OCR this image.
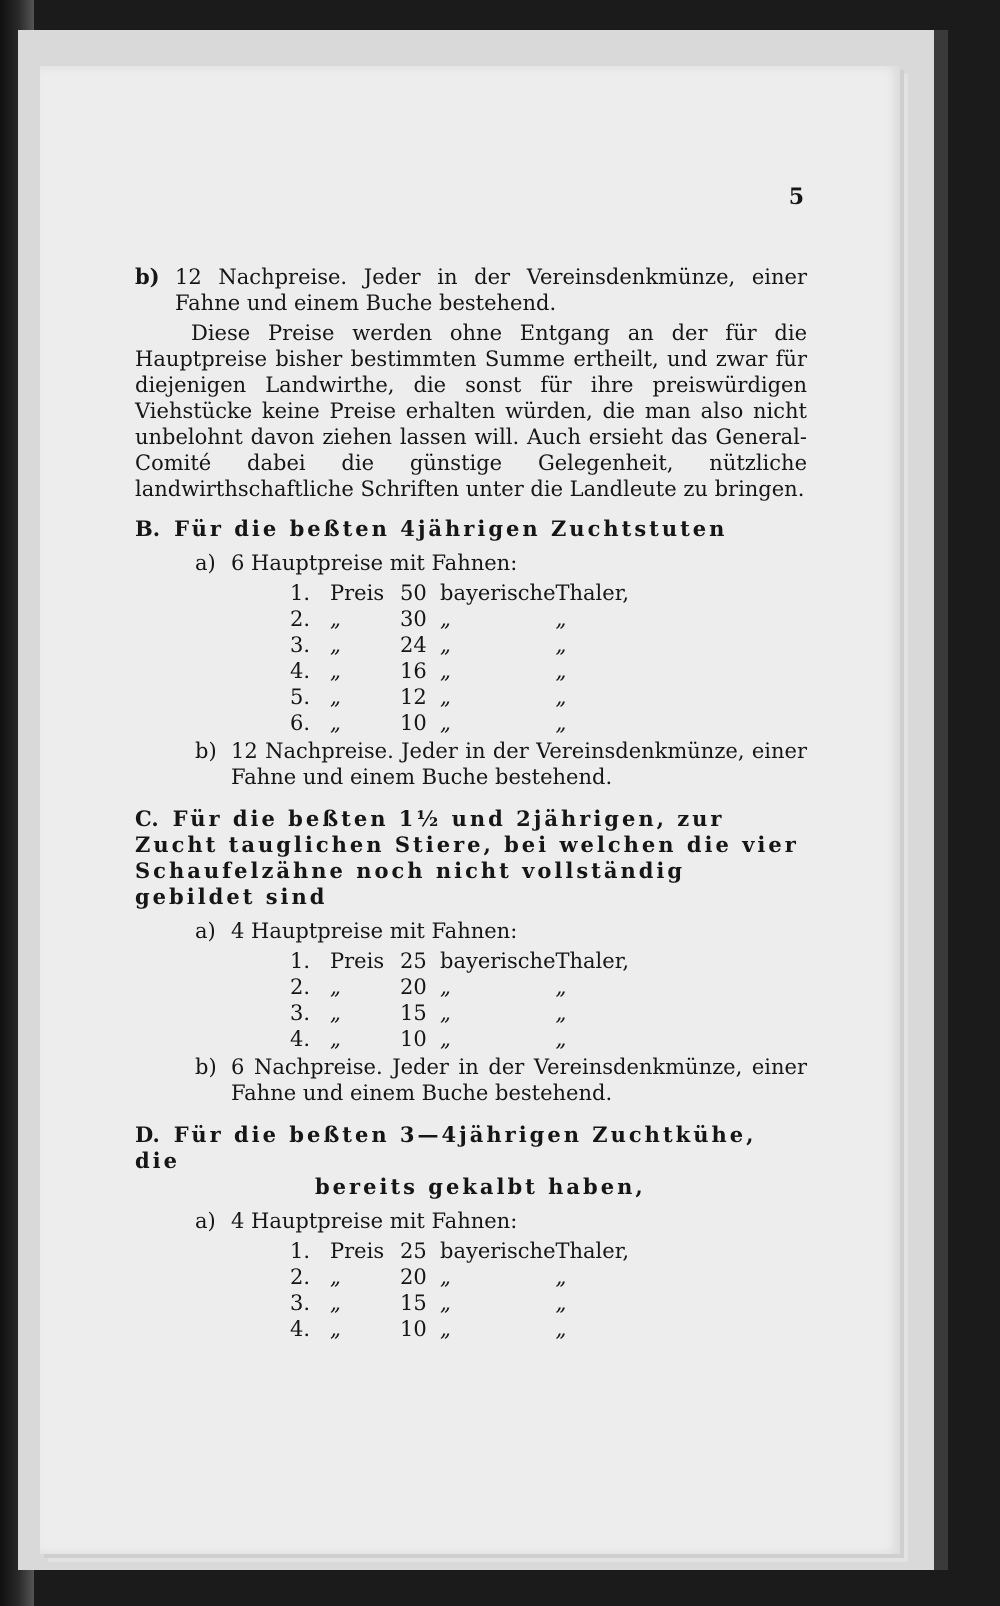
5
b) 12 Nachpreise. Jeder in der Vereinsdenkmünze, einer Fahne und einem Buche bestehend.

Diese Preise werden ohne Entgang an der für die Hauptpreise bisher bestimmten Summe ertheilt, und zwar für diejenigen Landwirthe, die sonst für ihre preiswürdigen Viehstücke keine Preise erhalten würden, die man also nicht unbelohnt davon ziehen lassen will. Auch ersieht das General-Comité dabei die günstige Gelegenheit, nützliche landwirthschaftliche Schriften unter die Landleute zu bringen.

B. Für die beßten 4jährigen Zuchtstuten
a) 6 Hauptpreise mit Fahnen:
1.	Preis	50	bayerische	Thaler,
2.	„	30	„	„
3.	„	24	„	„
4.	„	16	„	„
5.	„	12	„	„
6.	„	10	„	„
b) 12 Nachpreise. Jeder in der Vereinsdenkmünze, einer Fahne und einem Buche bestehend.
C. Für die beßten 1½ und 2jährigen, zur Zucht tauglichen Stiere, bei welchen die vier Schaufelzähne noch nicht vollständig gebildet sind
a) 4 Hauptpreise mit Fahnen:
1.	Preis	25	bayerische	Thaler,
2.	„	20	„	„
3.	„	15	„	„
4.	„	10	„	„
b) 6 Nachpreise. Jeder in der Vereinsdenkmünze, einer Fahne und einem Buche bestehend.
D. Für die beßten 3—4jährigen Zuchtkühe, die
bereits gekalbt haben,
a) 4 Hauptpreise mit Fahnen:
1.	Preis	25	bayerische	Thaler,
2.	„	20	„	„
3.	„	15	„	„
4.	„	10	„	„
